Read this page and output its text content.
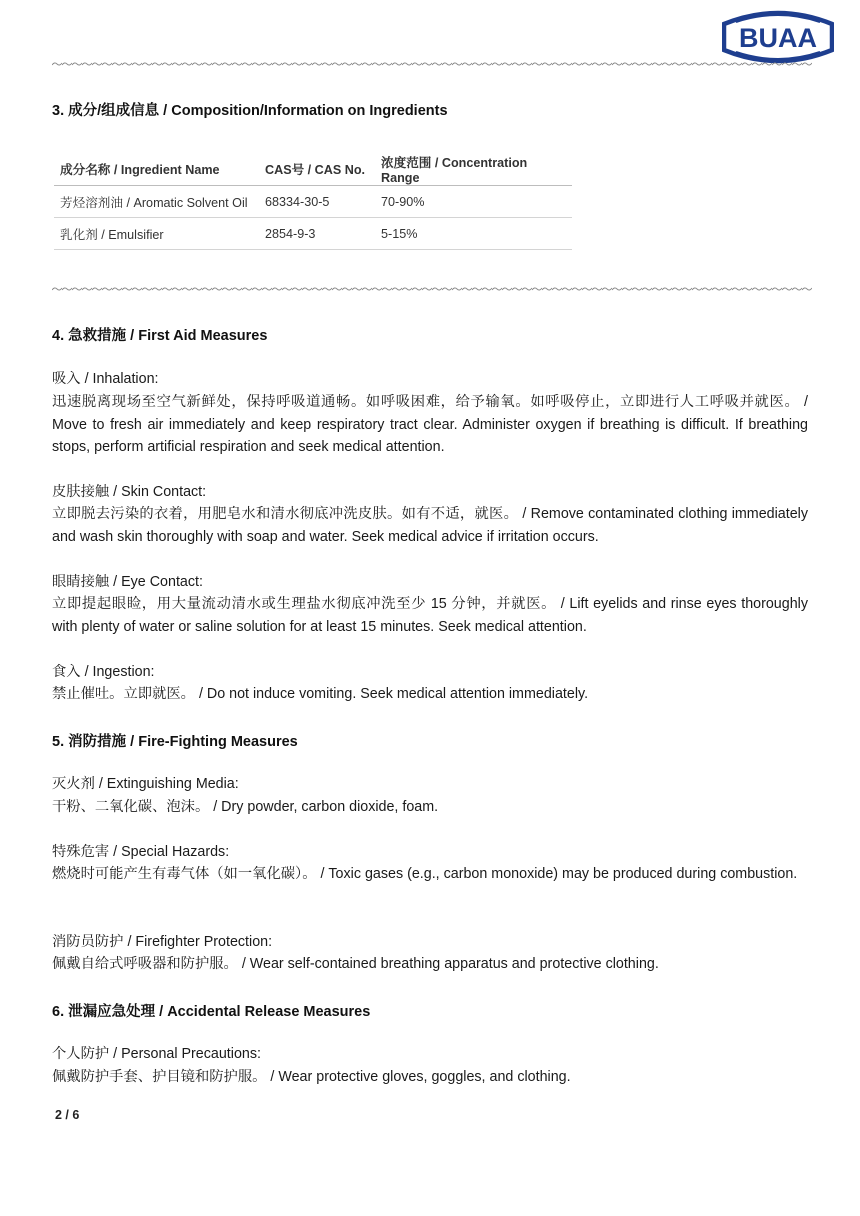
BUAA
3. 成分/组成信息 / Composition/Information on Ingredients
成分名称 / Ingredient Name	CAS号 / CAS No.	浓度范围 / Concentration Range
芳烃溶剂油 / Aromatic Solvent Oil	68334-30-5	70-90%
乳化剂 / Emulsifier	2854-9-3	5-15%
4. 急救措施 / First Aid Measures
吸入 / Inhalation:
迅速脱离现场至空气新鲜处，保持呼吸道通畅。如呼吸困难，给予输氧。如呼吸停止，立即进行人工呼吸并就医。 / Move to fresh air immediately and keep respiratory tract clear. Administer oxygen if breathing is difficult. If breathing stops, perform artificial respiration and seek medical attention.
皮肤接触 / Skin Contact:
立即脱去污染的衣着，用肥皂水和清水彻底冲洗皮肤。如有不适，就医。 / Remove contaminated clothing immediately and wash skin thoroughly with soap and water. Seek medical advice if irritation occurs.
眼睛接触 / Eye Contact:
立即提起眼睑，用大量流动清水或生理盐水彻底冲洗至少 15 分钟，并就医。 / Lift eyelids and rinse eyes thoroughly with plenty of water or saline solution for at least 15 minutes. Seek medical attention.
食入 / Ingestion:
禁止催吐。立即就医。 / Do not induce vomiting. Seek medical attention immediately.
5. 消防措施 / Fire-Fighting Measures
灭火剂 / Extinguishing Media:
干粉、二氧化碳、泡沫。 / Dry powder, carbon dioxide, foam.
特殊危害 / Special Hazards:
燃烧时可能产生有毒气体（如一氧化碳）。 / Toxic gases (e.g., carbon monoxide) may be produced during combustion.
消防员防护 / Firefighter Protection:
佩戴自给式呼吸器和防护服。 / Wear self-contained breathing apparatus and protective clothing.
6. 泄漏应急处理 / Accidental Release Measures
个人防护 / Personal Precautions:
佩戴防护手套、护目镜和防护服。 / Wear protective gloves, goggles, and clothing.
2 / 6
